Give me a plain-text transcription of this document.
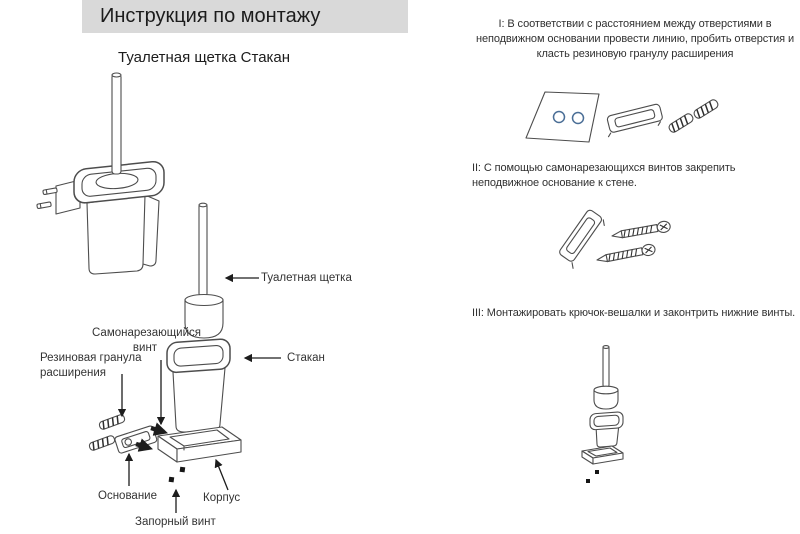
Инструкция по монтажу
Туалетная щетка Стакан
Туалетная щетка
Стакан
Самонарезающийся винт
Резиновая гранула расширения
Основание	Корпус
Запорный винт
I: В соответствии с расстоянием между отверстиями в неподвижном основании провести линию, пробить отверстия и класть резиновую гранулу расширения
II: С помощью самонарезающихся винтов закрепить неподвижное основание к стене.
III: Монтажировать крючок-вешалки и законтрить нижние винты.
